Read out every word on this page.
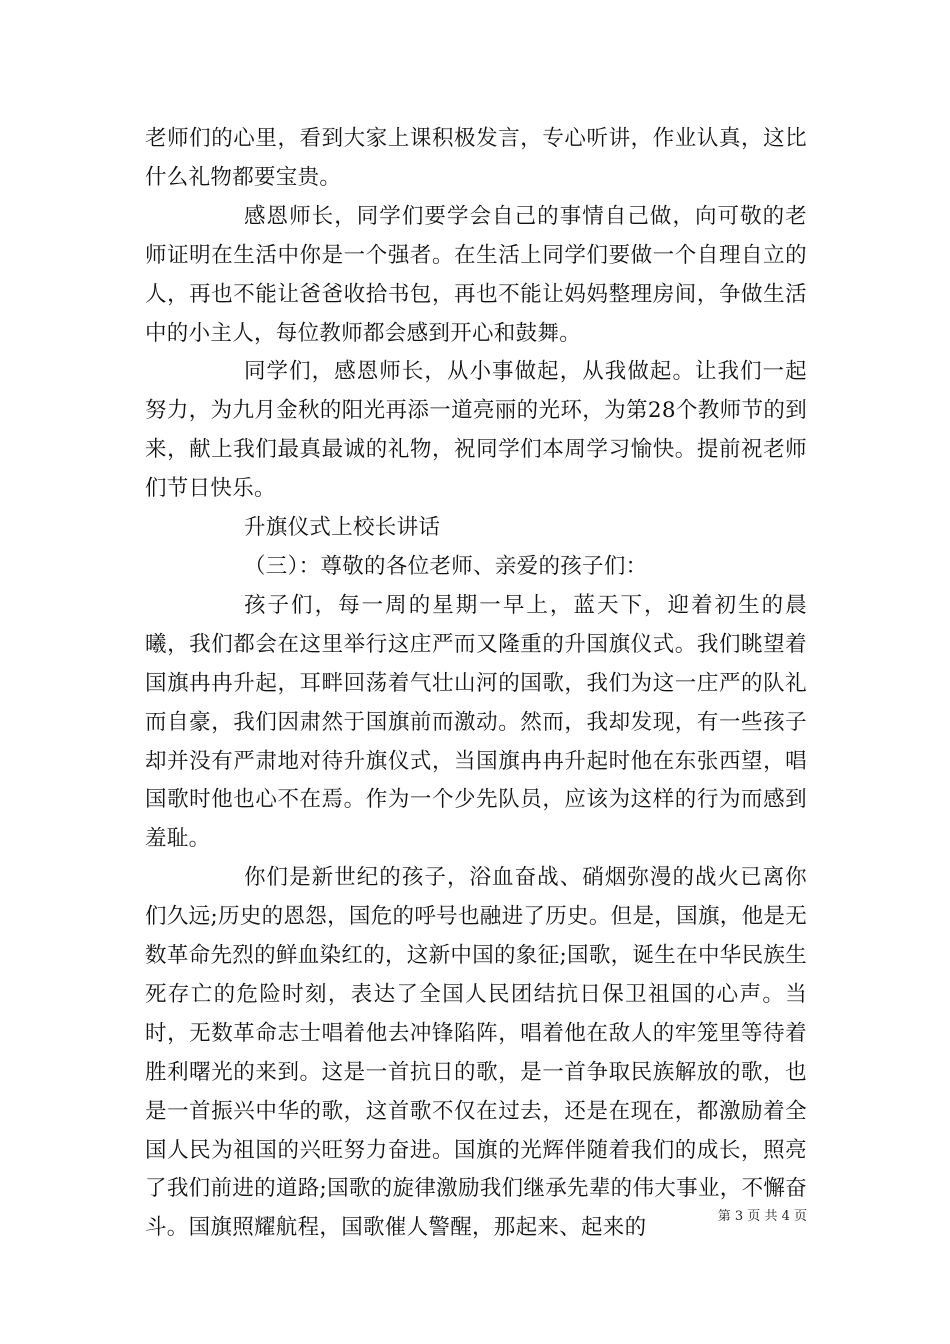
老师们的心里，看到大家上课积极发言，专心听讲，作业认真，这比什么礼物都要宝贵。

感恩师长，同学们要学会自己的事情自己做，向可敬的老师证明在生活中你是一个强者。在生活上同学们要做一个自理自立的人，再也不能让爸爸收拾书包，再也不能让妈妈整理房间，争做生活中的小主人，每位教师都会感到开心和鼓舞。

同学们，感恩师长，从小事做起，从我做起。让我们一起努力，为九月金秋的阳光再添一道亮丽的光环，为第28个教师节的到来，献上我们最真最诚的礼物，祝同学们本周学习愉快。提前祝老师们节日快乐。

升旗仪式上校长讲话

（三）：尊敬的各位老师、亲爱的孩子们：

孩子们，每一周的星期一早上，蓝天下，迎着初生的晨曦，我们都会在这里举行这庄严而又隆重的升国旗仪式。我们眺望着国旗冉冉升起，耳畔回荡着气壮山河的国歌，我们为这一庄严的队礼而自豪，我们因肃然于国旗前而激动。然而，我却发现，有一些孩子却并没有严肃地对待升旗仪式，当国旗冉冉升起时他在东张西望，唱国歌时他也心不在焉。作为一个少先队员，应该为这样的行为而感到羞耻。

你们是新世纪的孩子，浴血奋战、硝烟弥漫的战火已离你们久远;历史的恩怨，国危的呼号也融进了历史。但是，国旗，他是无数革命先烈的鲜血染红的，这新中国的象征;国歌，诞生在中华民族生死存亡的危险时刻，表达了全国人民团结抗日保卫祖国的心声。当时，无数革命志士唱着他去冲锋陷阵，唱着他在敌人的牢笼里等待着胜利曙光的来到。这是一首抗日的歌，是一首争取民族解放的歌，也是一首振兴中华的歌，这首歌不仅在过去，还是在现在，都激励着全国人民为祖国的兴旺努力奋进。国旗的光辉伴随着我们的成长，照亮了我们前进的道路;国歌的旋律激励我们继承先辈的伟大事业，不懈奋斗。国旗照耀航程，国歌催人警醒，那起来、起来的	第 3 页 共 4 页
